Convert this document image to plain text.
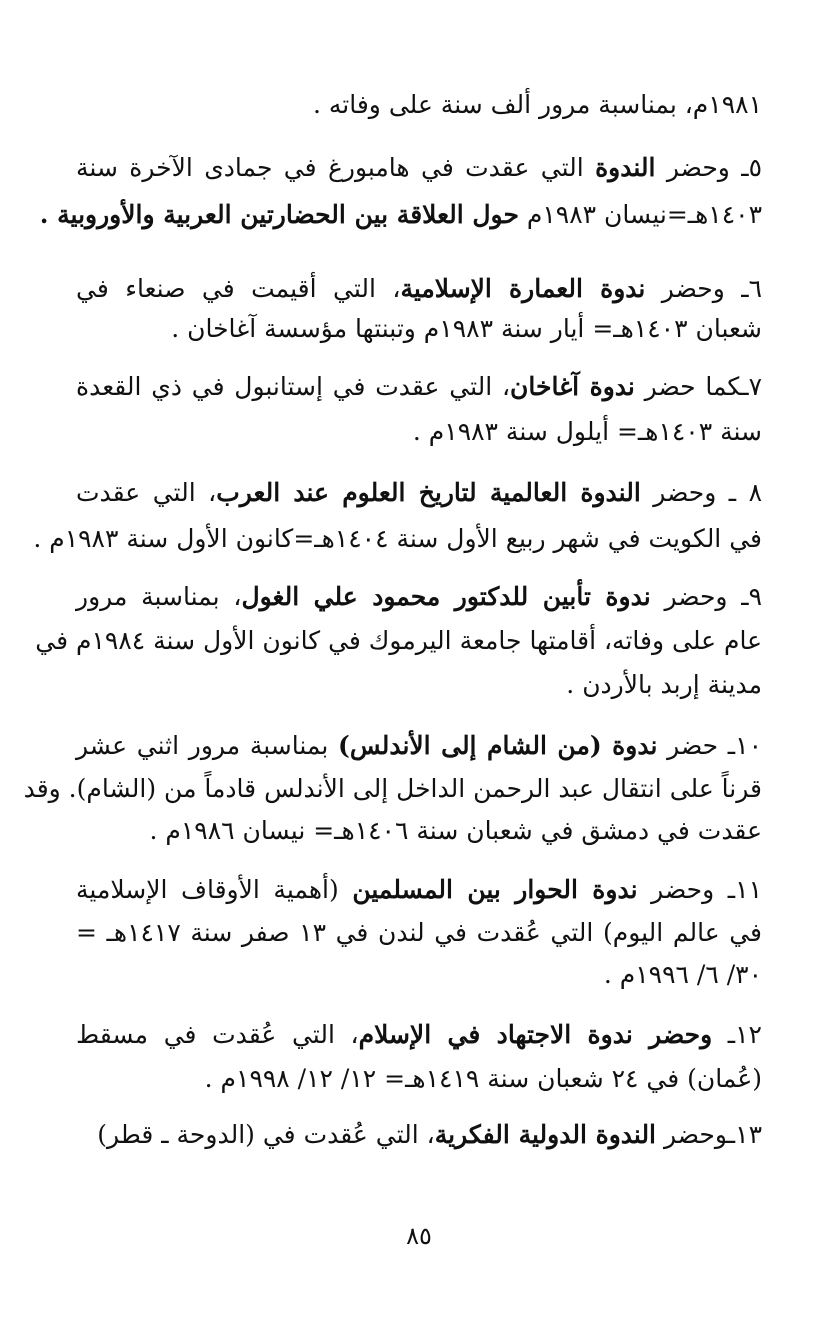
١٩٨١م، بمناسبة مرور ألف سنة على وفاته .
٥ـ وحضر الندوة التي عقدت في هامبورغ في جمادى الآخرة سنة
١٤٠٣هـ=نيسان ١٩٨٣م حول العلاقة بين الحضارتين العربية والأوروبية .
٦ـ وحضر ندوة العمارة الإسلامية، التي أقيمت في صنعاء في
شعبان ١٤٠٣هـ= أيار سنة ١٩٨٣م وتبنتها مؤسسة آغاخان .
٧ـكما حضر ندوة آغاخان، التي عقدت في إستانبول في ذي القعدة
سنة ١٤٠٣هـ= أيلول سنة ١٩٨٣م .
٨ ـ وحضر الندوة العالمية لتاريخ العلوم عند العرب، التي عقدت
في الكويت في شهر ربيع الأول سنة ١٤٠٤هـ=كانون الأول سنة ١٩٨٣م .
٩ـ وحضر ندوة تأبين للدكتور محمود علي الغول، بمناسبة مرور
عام على وفاته، أقامتها جامعة اليرموك في كانون الأول سنة ١٩٨٤م في
مدينة إربد بالأردن .
١٠ـ حضر ندوة (من الشام إلى الأندلس) بمناسبة مرور اثني عشر
قرناً على انتقال عبد الرحمن الداخل إلى الأندلس قادماً من (الشام). وقد
عقدت في دمشق في شعبان سنة ١٤٠٦هـ= نيسان ١٩٨٦م .
١١ـ وحضر ندوة الحوار بين المسلمين (أهمية الأوقاف الإسلامية
في عالم اليوم) التي عُقدت في لندن في ١٣ صفر سنة ١٤١٧هـ =
٣٠/ ٦/ ١٩٩٦م .
١٢ـ وحضر ندوة الاجتهاد في الإسلام، التي عُقدت في مسقط
(عُمان) في ٢٤ شعبان سنة ١٤١٩هـ= ١٢/ ١٢/ ١٩٩٨م .
١٣ـوحضر الندوة الدولية الفكرية، التي عُقدت في (الدوحة ـ قطر)
٨٥
